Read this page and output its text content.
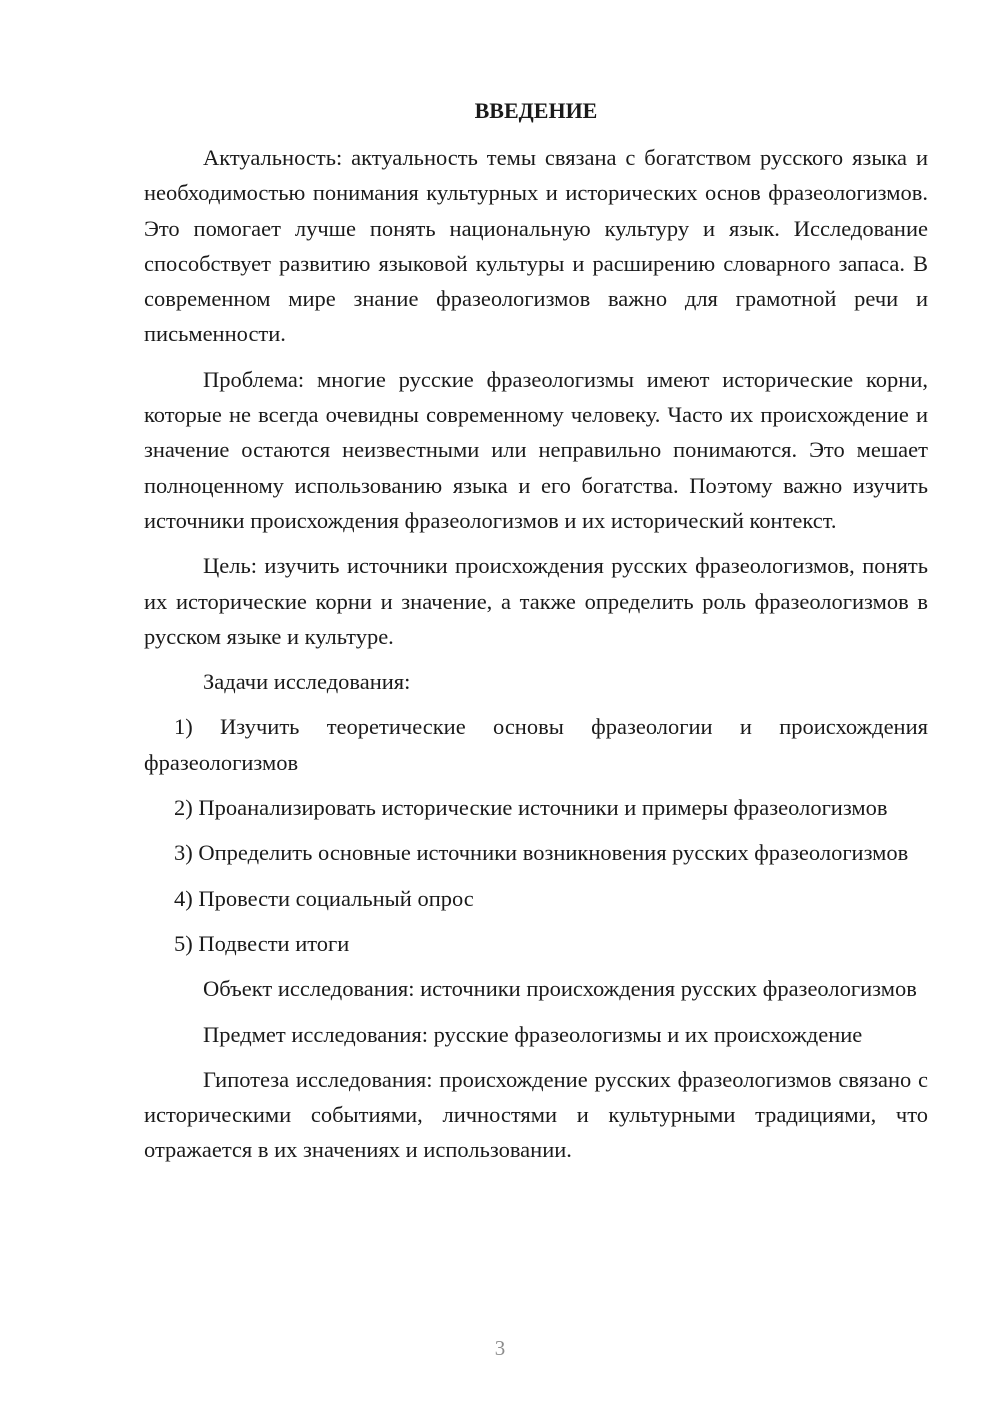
ВВЕДЕНИЕ

Актуальность: актуальность темы связана с богатством русского языка и необходимостью понимания культурных и исторических основ фразеологизмов. Это помогает лучше понять национальную культуру и язык. Исследование способствует развитию языковой культуры и расширению словарного запаса. В современном мире знание фразеологизмов важно для грамотной речи и письменности.

Проблема: многие русские фразеологизмы имеют исторические корни, которые не всегда очевидны современному человеку. Часто их происхождение и значение остаются неизвестными или неправильно понимаются. Это мешает полноценному использованию языка и его богатства. Поэтому важно изучить источники происхождения фразеологизмов и их исторический контекст.

Цель: изучить источники происхождения русских фразеологизмов, понять их исторические корни и значение, а также определить роль фразеологизмов в русском языке и культуре.

Задачи исследования:

1) Изучить теоретические основы фразеологии и происхождения фразеологизмов

2) Проанализировать исторические источники и примеры фразеологизмов

3) Определить основные источники возникновения русских фразеологизмов

4) Провести социальный опрос

5) Подвести итоги

Объект исследования: источники происхождения русских фразеологизмов

Предмет исследования: русские фразеологизмы и их происхождение

Гипотеза исследования: происхождение русских фразеологизмов связано с историческими событиями, личностями и культурными традициями, что отражается в их значениях и использовании.

3
